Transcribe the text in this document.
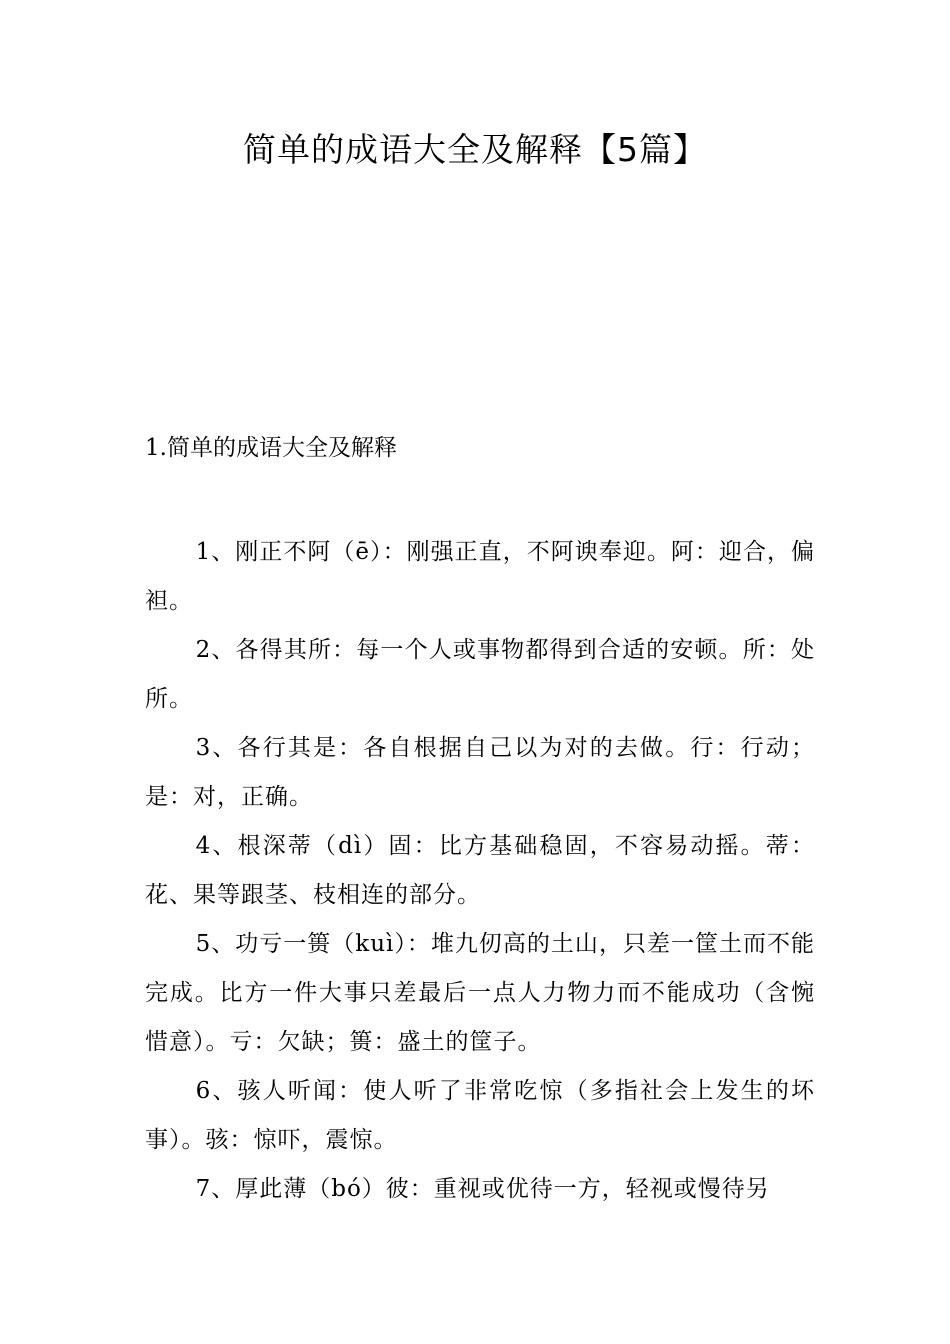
简单的成语大全及解释【5篇】
1.简单的成语大全及解释

1、刚正不阿（ē）：刚强正直，不阿谀奉迎。阿：迎合，偏袒。

2、各得其所：每一个人或事物都得到合适的安顿。所：处所。

3、各行其是：各自根据自己以为对的去做。行：行动；是：对，正确。

4、根深蒂（dì）固：比方基础稳固，不容易动摇。蒂：花、果等跟茎、枝相连的部分。

5、功亏一篑（kuì）：堆九仞高的土山，只差一筐土而不能完成。比方一件大事只差最后一点人力物力而不能成功（含惋惜意）。亏：欠缺；篑：盛土的筐子。

6、骇人听闻：使人听了非常吃惊（多指社会上发生的坏事）。骇：惊吓，震惊。

7、厚此薄（bó）彼：重视或优待一方，轻视或慢待另
